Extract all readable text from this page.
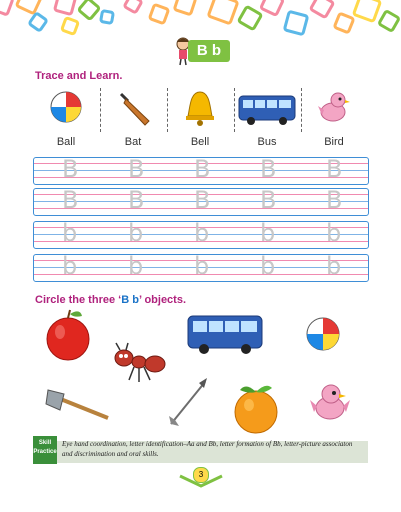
B b
Trace and Learn.
Ball	Bat	Bell	Bus	Bird
B B B B B
B B B B B
b b b b b
b b b b b
Circle the three ‘B b’ objects.
Skill
Practice
Eye hand coordination, letter identification–Aa and Bb, letter formation of Bb, letter-picture associaton and discrimination and oral skills.
3
